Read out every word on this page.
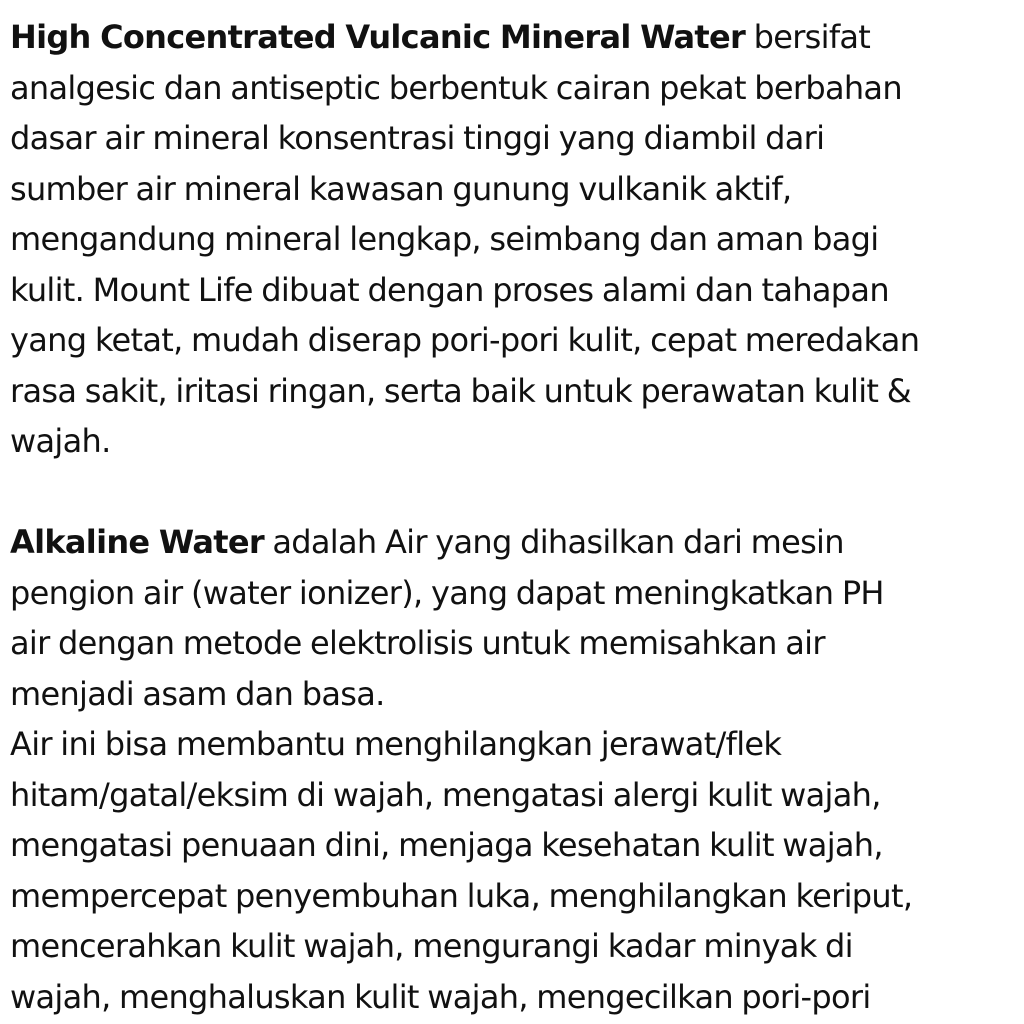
High Concentrated Vulcanic Mineral Water bersifat
analgesic dan antiseptic berbentuk cairan pekat berbahan
dasar air mineral konsentrasi tinggi yang diambil dari
sumber air mineral kawasan gunung vulkanik aktif,
mengandung mineral lengkap, seimbang dan aman bagi
kulit. Mount Life dibuat dengan proses alami dan tahapan
yang ketat, mudah diserap pori-pori kulit, cepat meredakan
rasa sakit, iritasi ringan, serta baik untuk perawatan kulit &
wajah.

Alkaline Water adalah Air yang dihasilkan dari mesin
pengion air (water ionizer), yang dapat meningkatkan PH
air dengan metode elektrolisis untuk memisahkan air
menjadi asam dan basa.

Air ini bisa membantu menghilangkan jerawat/flek
hitam/gatal/eksim di wajah, mengatasi alergi kulit wajah,
mengatasi penuaan dini, menjaga kesehatan kulit wajah,
mempercepat penyembuhan luka, menghilangkan keriput,
mencerahkan kulit wajah, mengurangi kadar minyak di
wajah, menghaluskan kulit wajah, mengecilkan pori-pori
